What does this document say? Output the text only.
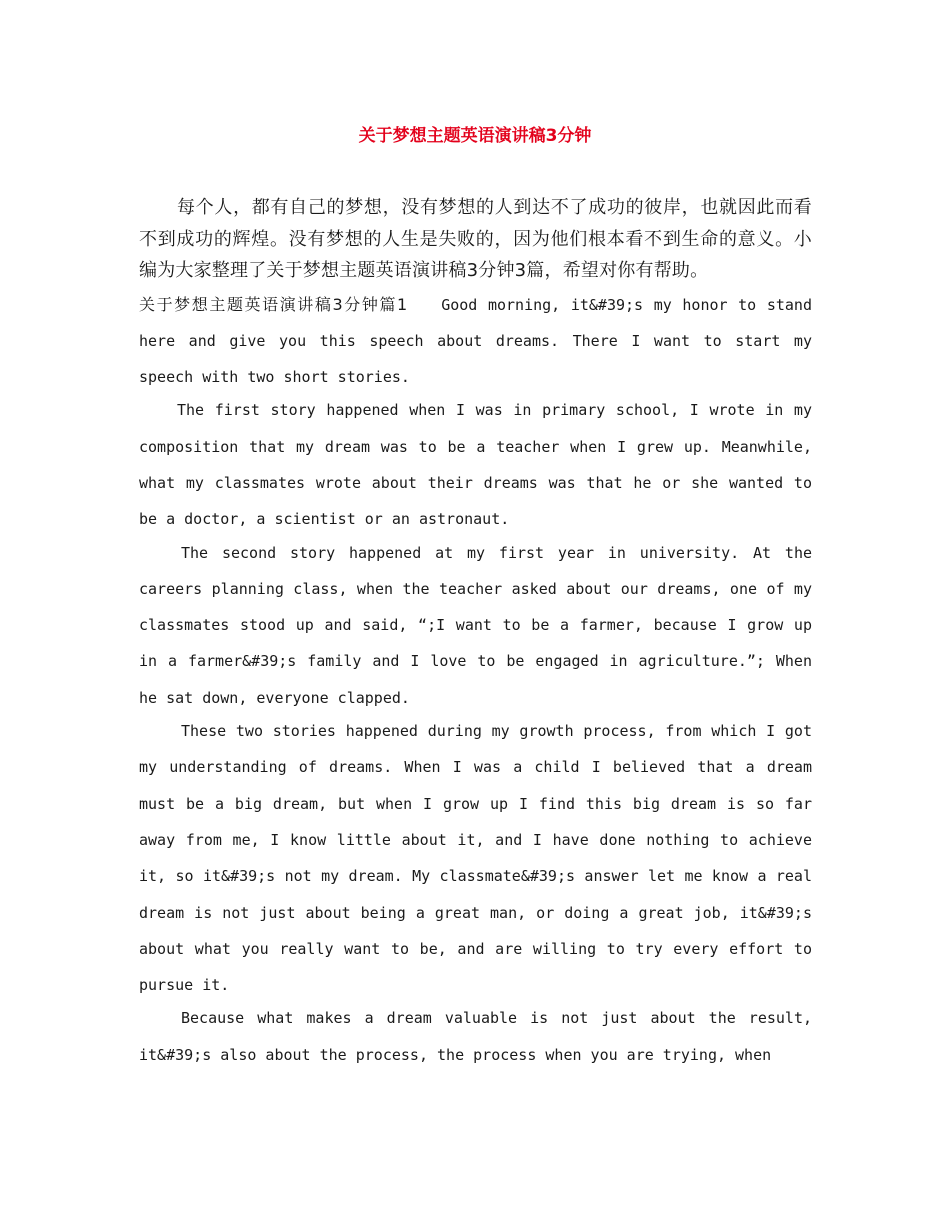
关于梦想主题英语演讲稿3分钟

每个人，都有自己的梦想，没有梦想的人到达不了成功的彼岸，也就因此而看不到成功的辉煌。没有梦想的人生是失败的，因为他们根本看不到生命的意义。小编为大家整理了关于梦想主题英语演讲稿3分钟3篇，希望对你有帮助。

关于梦想主题英语演讲稿3分钟篇1 Good morning, it&#39;s my honor to stand here and give you this speech about dreams. There I want to start my speech with two short stories.

The first story happened when I was in primary school, I wrote in my composition that my dream was to be a teacher when I grew up. Meanwhile, what my classmates wrote about their dreams was that he or she wanted to be a doctor, a scientist or an astronaut.

The second story happened at my first year in university. At the careers planning class, when the teacher asked about our dreams, one of my classmates stood up and said, “;I want to be a farmer, because I grow up in a farmer&#39;s family and I love to be engaged in agriculture.”; When he sat down, everyone clapped.

These two stories happened during my growth process, from which I got my understanding of dreams. When I was a child I believed that a dream must be a big dream, but when I grow up I find this big dream is so far away from me, I know little about it, and I have done nothing to achieve it, so it&#39;s not my dream. My classmate&#39;s answer let me know a real dream is not just about being a great man, or doing a great job, it&#39;s about what you really want to be, and are willing to try every effort to pursue it.

Because what makes a dream valuable is not just about the result, it&#39;s also about the process, the process when you are trying, when
